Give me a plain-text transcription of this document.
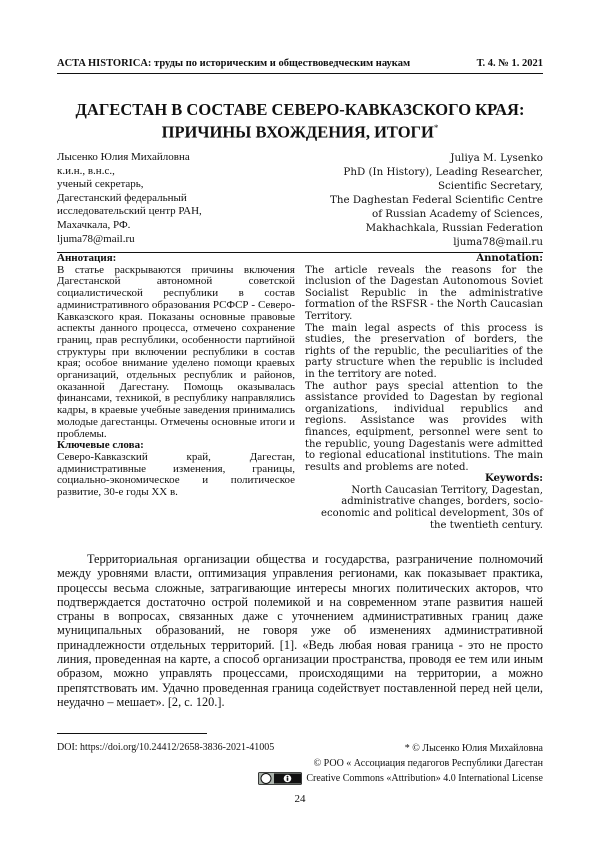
ACTA HISTORICA: труды по историческим и обществоведческим наукам	Т. 4. № 1. 2021
ДАГЕСТАН В СОСТАВЕ СЕВЕРО-КАВКАЗСКОГО КРАЯ:
ПРИЧИНЫ ВХОЖДЕНИЯ, ИТОГИ*
Лысенко Юлия Михайловна
к.и.н., в.н.с.,
ученый секретарь,
Дагестанский федеральный
исследовательский центр РАН,
Махачкала, РФ.
ljuma78@mail.ru
Juliya M. Lysenko
PhD (In History), Leading Researcher,
Scientific Secretary,
The Daghestan Federal Scientific Centre
of Russian Academy of Sciences,
Makhachkala, Russian Federation
ljuma78@mail.ru
Аннотация:

В статье раскрываются причины включения Дагестанской автономной советской социалистической республики в состав административного образования РСФСР - Северо-Кавказского края. Показаны основные правовые аспекты данного процесса, отмечено сохранение границ, прав республики, особенности партийной структуры при включении республики в состав края; особое внимание уделено помощи краевых организаций, отдельных республик и районов, оказанной Дагестану. Помощь оказывалась финансами, техникой, в республику направлялись кадры, в краевые учебные заведения принимались молодые дагестанцы. Отмечены основные итоги и проблемы.

Ключевые слова:

Северо-Кавказский край, Дагестан, административные изменения, границы, социально-экономическое и политическое развитие, 30-е годы XX в.

Annotation:

The article reveals the reasons for the inclusion of the Dagestan Autonomous Soviet Socialist Republic in the administrative formation of the RSFSR - the North Caucasian Territory.

The main legal aspects of this process is studies, the preservation of borders, the rights of the republic, the peculiarities of the party structure when the republic is included in the territory are noted.

The author pays special attention to the assistance provided to Dagestan by regional organizations, individual republics and regions. Assistance was provides with finances, equipment, personnel were sent to the republic, young Dagestanis were admitted to regional educational institutions. The main results and problems are noted.

Keywords:

North Caucasian Territory, Dagestan, administrative changes, borders, socio-economic and political development, 30s of the twentieth century.

Территориальная организации общества и государства, разграничение полномочий между уровнями власти, оптимизация управления регионами, как показывает практика, процессы весьма сложные, затрагивающие интересы многих политических акторов, что подтверждается достаточно острой полемикой и на современном этапе развития нашей страны в вопросах, связанных даже с уточнением административных границ даже муниципальных образований, не говоря уже об изменениях административной принадлежности отдельных территорий. [1]. «Ведь любая новая граница - это не просто линия, проведенная на карте, а способ организации пространства, проводя ее тем или иным образом, можно управлять процессами, происходящими на территории, а можно препятствовать им. Удачно проведенная граница содействует поставленной перед ней цели, неудачно – мешает». [2, с. 120.].

DOI: https://doi.org/10.24412/2658-3836-2021-41005	* © Лысенко Юлия Михайловна
© РОО « Ассоциация педагогов Республики Дагестан
Creative Commons «Attribution» 4.0 International License
24
